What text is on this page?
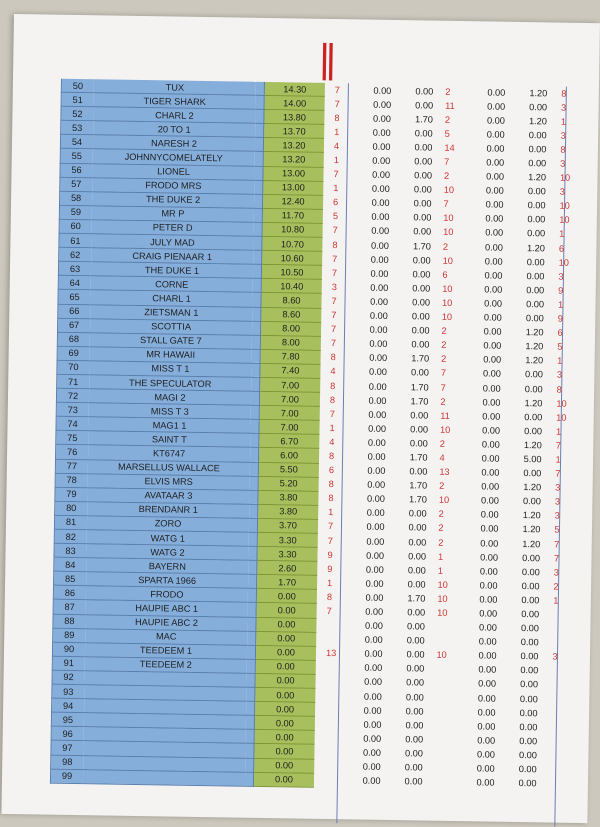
||
50	TUX		14.30	7	0.00	0.00	2	0.00	1.20	8
51	TIGER SHARK		14.00	7	0.00	0.00	11	0.00	0.00	3
52	CHARL 2		13.80	8	0.00	1.70	2	0.00	1.20	1
53	20 TO 1		13.70	1	0.00	0.00	5	0.00	0.00	3
54	NARESH 2		13.20	4	0.00	0.00	14	0.00	0.00	8
55	JOHNNYCOMELATELY		13.20	1	0.00	0.00	7	0.00	0.00	3
56	LIONEL		13.00	7	0.00	0.00	2	0.00	1.20	10
57	FRODO MRS		13.00	1	0.00	0.00	10	0.00	0.00	3
58	THE DUKE 2		12.40	6	0.00	0.00	7	0.00	0.00	10
59	MR P		11.70	5	0.00	0.00	10	0.00	0.00	10
60	PETER D		10.80	7	0.00	0.00	10	0.00	0.00	1
61	JULY MAD		10.70	8	0.00	1.70	2	0.00	1.20	6
62	CRAIG PIENAAR 1		10.60	7	0.00	0.00	10	0.00	0.00	10
63	THE DUKE 1		10.50	7	0.00	0.00	6	0.00	0.00	3
64	CORNE		10.40	3	0.00	0.00	10	0.00	0.00	9
65	CHARL 1		8.60	7	0.00	0.00	10	0.00	0.00	1
66	ZIETSMAN 1		8.60	7	0.00	0.00	10	0.00	0.00	9
67	SCOTTIA		8.00	7	0.00	0.00	2	0.00	1.20	6
68	STALL GATE 7		8.00	7	0.00	0.00	2	0.00	1.20	5
69	MR HAWAII		7.80	8	0.00	1.70	2	0.00	1.20	1
70	MISS T 1		7.40	4	0.00	0.00	7	0.00	0.00	3
71	THE SPECULATOR		7.00	8	0.00	1.70	7	0.00	0.00	8
72	MAGI 2		7.00	8	0.00	1.70	2	0.00	1.20	10
73	MISS T 3		7.00	7	0.00	0.00	11	0.00	0.00	10
74	MAG1 1		7.00	1	0.00	0.00	10	0.00	0.00	1
75	SAINT T		6.70	4	0.00	0.00	2	0.00	1.20	7
76	KT6747		6.00	8	0.00	1.70	4	0.00	5.00	1
77	MARSELLUS WALLACE		5.50	6	0.00	0.00	13	0.00	0.00	7
78	ELVIS MRS		5.20	8	0.00	1.70	2	0.00	1.20	3
79	AVATAAR 3		3.80	8	0.00	1.70	10	0.00	0.00	3
80	BRENDANR 1		3.80	1	0.00	0.00	2	0.00	1.20	3
81	ZORO		3.70	7	0.00	0.00	2	0.00	1.20	5
82	WATG 1		3.30	7	0.00	0.00	2	0.00	1.20	7
83	WATG 2		3.30	9	0.00	0.00	1	0.00	0.00	7
84	BAYERN		2.60	9	0.00	0.00	1	0.00	0.00	3
85	SPARTA 1966		1.70	1	0.00	0.00	10	0.00	0.00	2
86	FRODO		0.00	8	0.00	1.70	10	0.00	0.00	1
87	HAUPIE ABC 1		0.00	7	0.00	0.00	10	0.00	0.00	
88	HAUPIE ABC 2		0.00		0.00	0.00		0.00	0.00	
89	MAC		0.00		0.00	0.00		0.00	0.00	
90	TEEDEEM 1		0.00	13	0.00	0.00	10	0.00	0.00	3
91	TEEDEEM 2		0.00		0.00	0.00		0.00	0.00	
92			0.00		0.00	0.00		0.00	0.00	
93			0.00		0.00	0.00		0.00	0.00	
94			0.00		0.00	0.00		0.00	0.00	
95			0.00		0.00	0.00		0.00	0.00	
96			0.00		0.00	0.00		0.00	0.00	
97			0.00		0.00	0.00		0.00	0.00	
98			0.00		0.00	0.00		0.00	0.00	
99			0.00		0.00	0.00		0.00	0.00	
